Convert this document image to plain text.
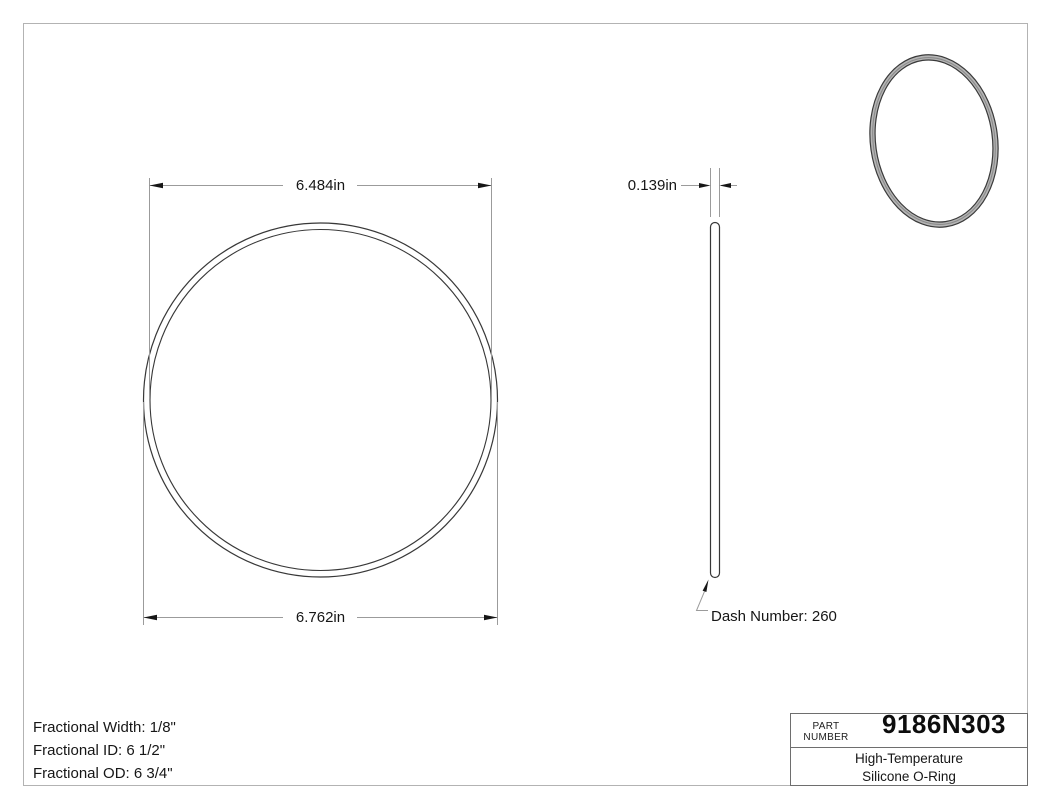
6.484in
6.762in
0.139in
Dash Number: 260
Fractional Width: 1/8"
Fractional ID: 6 1/2"
Fractional OD: 6 3/4"
PART
NUMBER	9186N303
High-Temperature
Silicone O-Ring
